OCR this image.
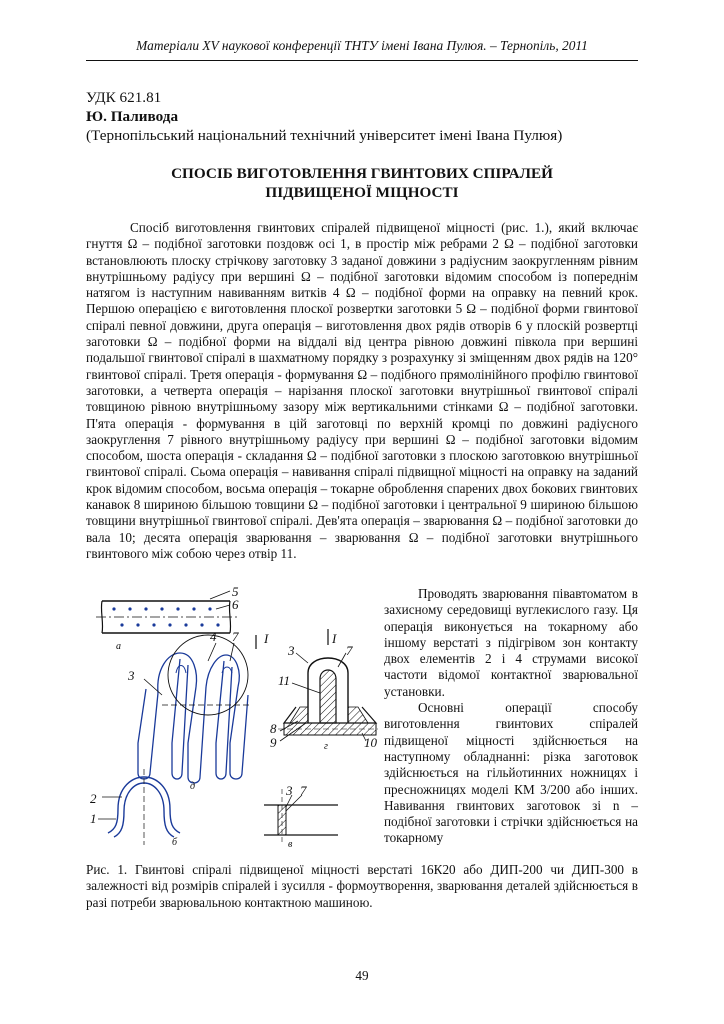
Матеріали XV наукової конференції ТНТУ імені Івана Пулюя. – Тернопіль, 2011
УДК 621.81
Ю. Паливода
(Тернопільський національний технічний університет імені Івана Пулюя)
СПОСІБ ВИГОТОВЛЕННЯ ГВИНТОВИХ СПІРАЛЕЙ
ПІДВИЩЕНОЇ МІЦНОСТІ

Спосіб виготовлення гвинтових спіралей підвищеної міцності (рис. 1.), який включає гнуття Ω – подібної заготовки поздовж осі 1, в простір між ребрами 2 Ω – подібної заготовки встановлюють плоску стрічкову заготовку 3 заданої довжини з радіусним заокругленням рівним внутрішньому радіусу при вершині Ω – подібної заготовки відомим способом із попереднім натягом із наступним навиванням витків 4 Ω – подібної форми на оправку на певний крок. Першою операцією є виготовлення плоскої розвертки заготовки 5 Ω – подібної форми гвинтової спіралі певної довжини, друга операція – виготовлення двох рядів отворів 6 у плоскій розвертці заготовки Ω – подібної форми на віддалі від центра рівною довжині півкола при вершині подальшої гвинтової спіралі в шахматному порядку з розрахунку зі зміщенням двох рядів на 120° гвинтової спіралі. Третя операція - формування Ω – подібного прямолінійного профілю гвинтової заготовки, а четверта операція – нарізання плоскої заготовки внутрішньої гвинтової спіралі товщиною рівною внутрішньому зазору між вертикальними стінками Ω – подібної заготовки. П'ята операція - формування в цій заготовці по верхній кромці по довжині радіусного заокруглення 7 рівного внутрішньому радіусу при вершині Ω – подібної заготовки відомим способом, шоста операція - складання Ω – подібної заготовки з плоскою заготовкою внутрішньої гвинтової спіралі. Сьома операція – навивання спіралі підвищної міцності на оправку на заданий крок відомим способом, восьма операція – токарне оброблення спарених двох бокових гвинтових канавок 8 шириною більшою товщини Ω – подібної заготовки і центральної 9 шириною більшою товщини внутрішньої гвинтової спіралі. Дев'ята операція – зварювання Ω – подібної заготовки до вала 10; десята операція зварювання – зварювання Ω – подібної заготовки внутрішнього гвинтового між собою через отвір 11.

5
6
а
3
4 7 I
д
3	7
I
11
8
9	10
г
2
1
б
3 7
в

Проводять зварювання півавтоматом в захисному середовищі вуглекислого газу. Ця операція виконується на токарному або іншому верстаті з підігрівом зон контакту двох елементів 2 і 4 струмами високої частоти відомої контактної зварювальної установки.

Основні операції способу виготовлення гвинтових спіралей підвищеної міцності здійснюється на наступному обладнанні: різка заготовок здійснюється на гільйотинних ножницях і пресножницях моделі КМ 3/200 або інших. Навивання гвинтових заготовок зі n – подібної заготовки і стрічки здійснюється на токарному

Рис. 1. Гвинтові спіралі підвищеної міцності верстаті 16К20 або ДИП-200 чи ДИП-300 в залежності від розмірів спіралей і зусилля - формоутворення, зварювання деталей здійснюється в разі потреби зварювальною контактною машиною.
49
